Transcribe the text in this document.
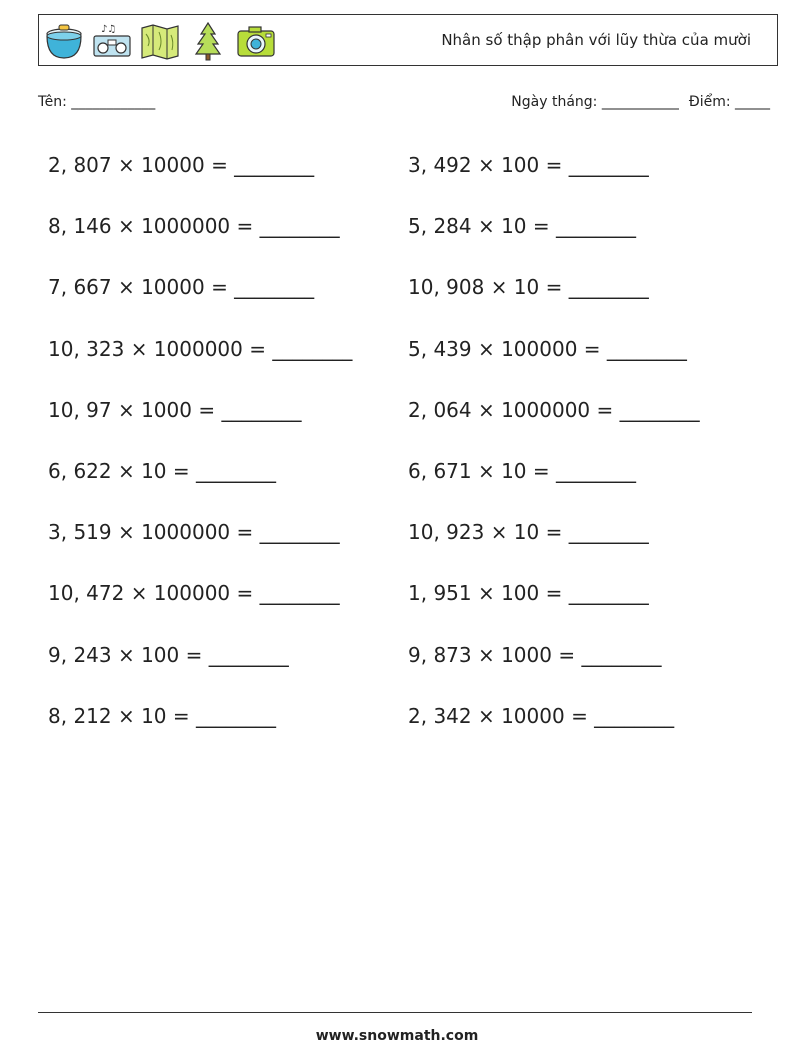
♪♫
Nhân số thập phân với lũy thừa của mười
Tên: ____________	Ngày tháng: ___________ Điểm: _____
2, 807 × 10000 = ________	3, 492 × 100 = ________
8, 146 × 1000000 = ________	5, 284 × 10 = ________
7, 667 × 10000 = ________	10, 908 × 10 = ________
10, 323 × 1000000 = ________	5, 439 × 100000 = ________
10, 97 × 1000 = ________	2, 064 × 1000000 = ________
6, 622 × 10 = ________	6, 671 × 10 = ________
3, 519 × 1000000 = ________	10, 923 × 10 = ________
10, 472 × 100000 = ________	1, 951 × 100 = ________
9, 243 × 100 = ________	9, 873 × 1000 = ________
8, 212 × 10 = ________	2, 342 × 10000 = ________
www.snowmath.com
